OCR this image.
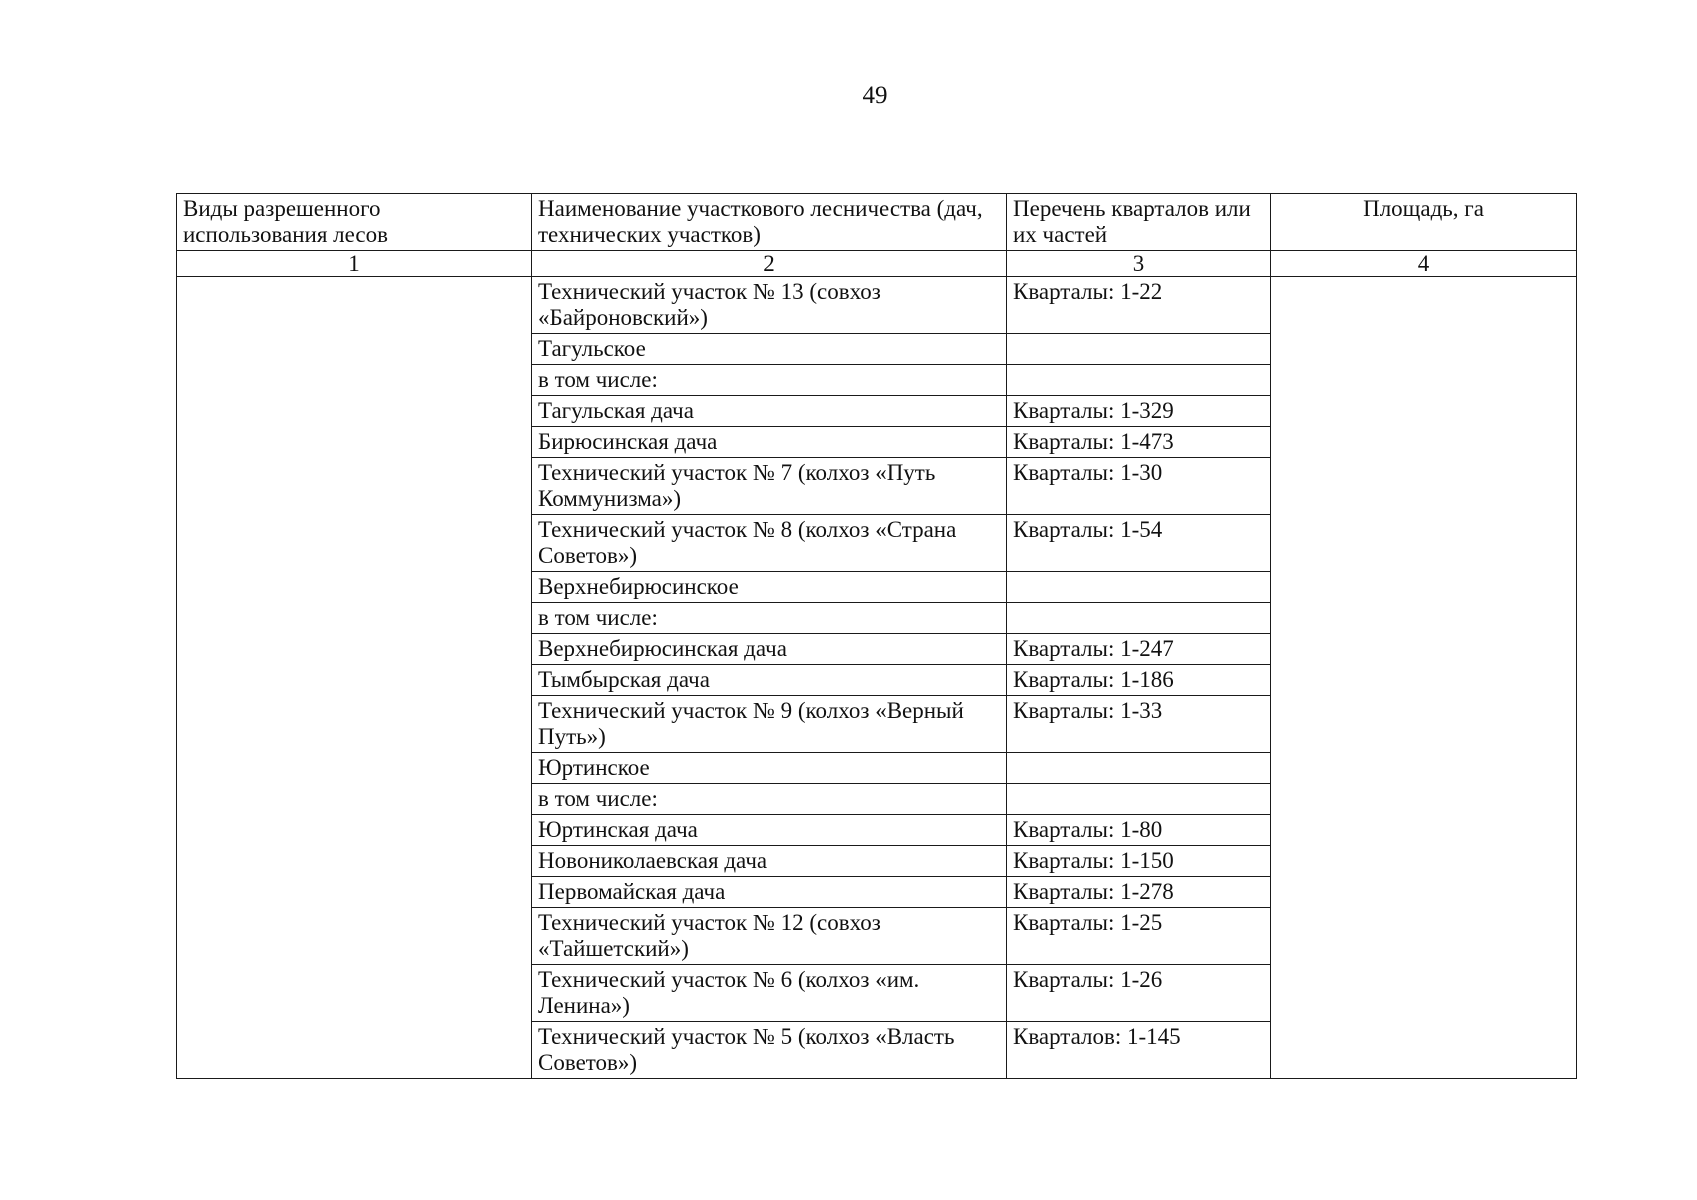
49
Виды разрешенного использования лесов	Наименование участкового лесничества (дач, технических участков)	Перечень кварталов или их частей	Площадь, га
1	2	3	4
	Технический участок № 13 (совхоз «Байроновский»)	Кварталы: 1-22	
	Тагульское		
	в том числе:		
	Тагульская дача	Кварталы: 1-329	
	Бирюсинская дача	Кварталы: 1-473	
	Технический участок № 7 (колхоз «Путь Коммунизма»)	Кварталы: 1-30	
	Технический участок № 8 (колхоз «Страна Советов»)	Кварталы: 1-54	
	Верхнебирюсинское		
	в том числе:		
	Верхнебирюсинская дача	Кварталы: 1-247	
	Тымбырская дача	Кварталы: 1-186	
	Технический участок № 9 (колхоз «Верный Путь»)	Кварталы: 1-33	
	Юртинское		
	в том числе:		
	Юртинская дача	Кварталы: 1-80	
	Новониколаевская дача	Кварталы: 1-150	
	Первомайская дача	Кварталы: 1-278	
	Технический участок № 12 (совхоз «Тайшетский»)	Кварталы: 1-25	
	Технический участок № 6 (колхоз «им. Ленина»)	Кварталы: 1-26	
	Технический участок № 5 (колхоз «Власть Советов»)	Кварталов: 1-145	
